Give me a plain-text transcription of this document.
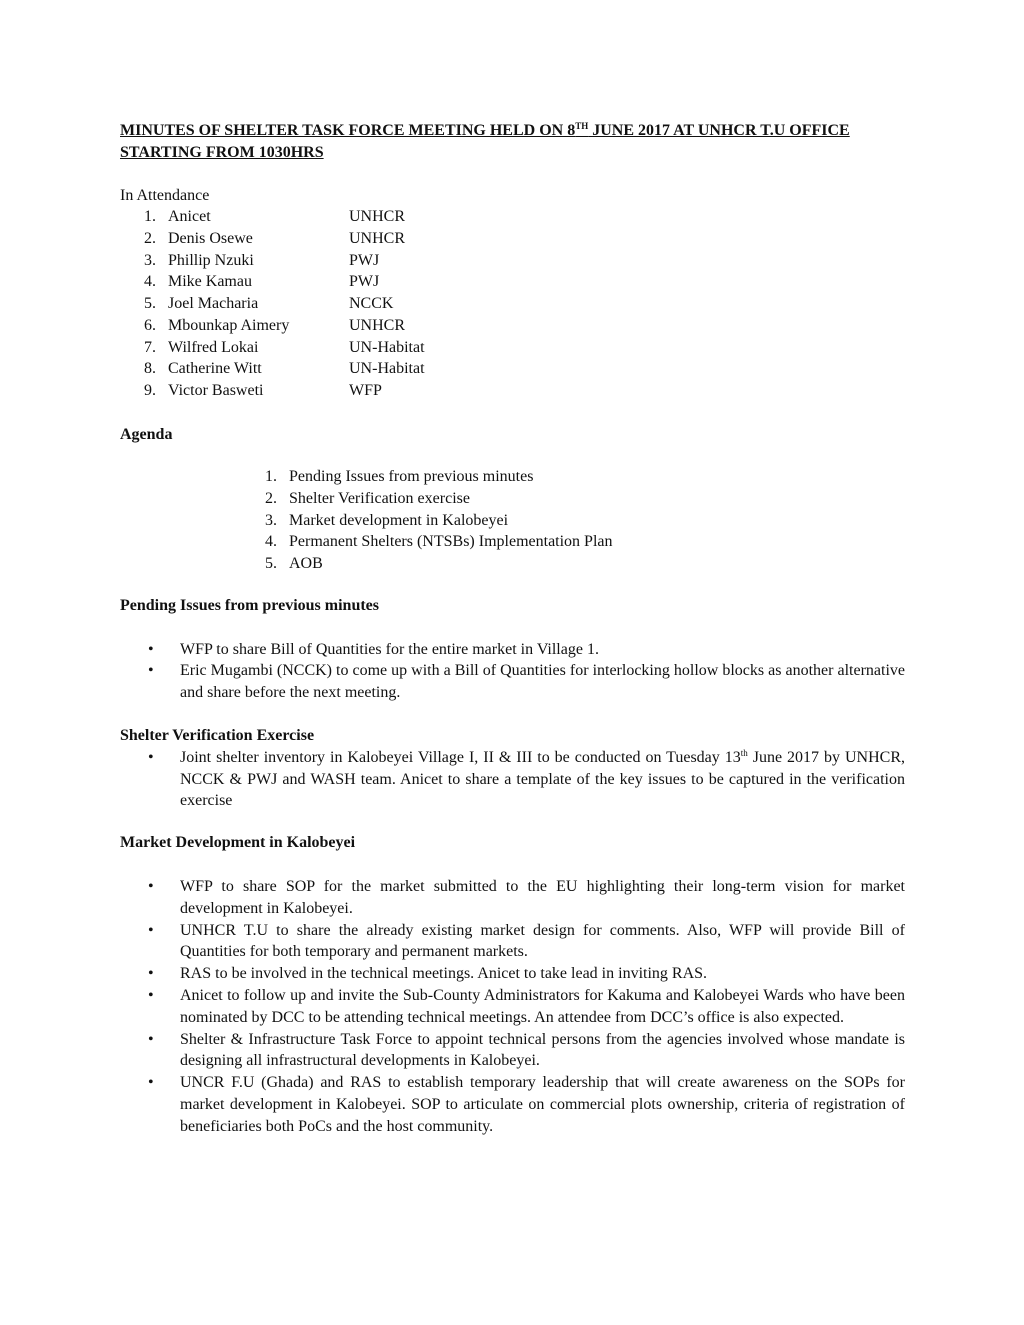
MINUTES OF SHELTER TASK FORCE MEETING HELD ON 8TH JUNE 2017 AT UNHCR T.U OFFICE
STARTING FROM 1030HRS

In Attendance

1. Anicet	UNHCR
2. Denis Osewe	UNHCR
3. Phillip Nzuki	PWJ
4. Mike Kamau	PWJ
5. Joel Macharia	NCCK
6. Mbounkap Aimery	UNHCR
7. Wilfred Lokai	UN-Habitat
8. Catherine Witt	UN-Habitat
9. Victor Basweti	WFP

Agenda

1. Pending Issues from previous minutes
2. Shelter Verification exercise
3. Market development in Kalobeyei
4. Permanent Shelters (NTSBs) Implementation Plan
5. AOB

Pending Issues from previous minutes

• WFP to share Bill of Quantities for the entire market in Village 1.
• Eric Mugambi (NCCK) to come up with a Bill of Quantities for interlocking hollow blocks as another alternative and share before the next meeting.

Shelter Verification Exercise

• Joint shelter inventory in Kalobeyei Village I, II & III to be conducted on Tuesday 13th June 2017 by UNHCR, NCCK & PWJ and WASH team. Anicet to share a template of the key issues to be captured in the verification exercise

Market Development in Kalobeyei

• WFP to share SOP for the market submitted to the EU highlighting their long-term vision for market development in Kalobeyei.
• UNHCR T.U to share the already existing market design for comments. Also, WFP will provide Bill of Quantities for both temporary and permanent markets.
• RAS to be involved in the technical meetings. Anicet to take lead in inviting RAS.
• Anicet to follow up and invite the Sub-County Administrators for Kakuma and Kalobeyei Wards who have been nominated by DCC to be attending technical meetings. An attendee from DCC’s office is also expected.
• Shelter & Infrastructure Task Force to appoint technical persons from the agencies involved whose mandate is designing all infrastructural developments in Kalobeyei.
• UNCR F.U (Ghada) and RAS to establish temporary leadership that will create awareness on the SOPs for market development in Kalobeyei. SOP to articulate on commercial plots ownership, criteria of registration of beneficiaries both PoCs and the host community.
